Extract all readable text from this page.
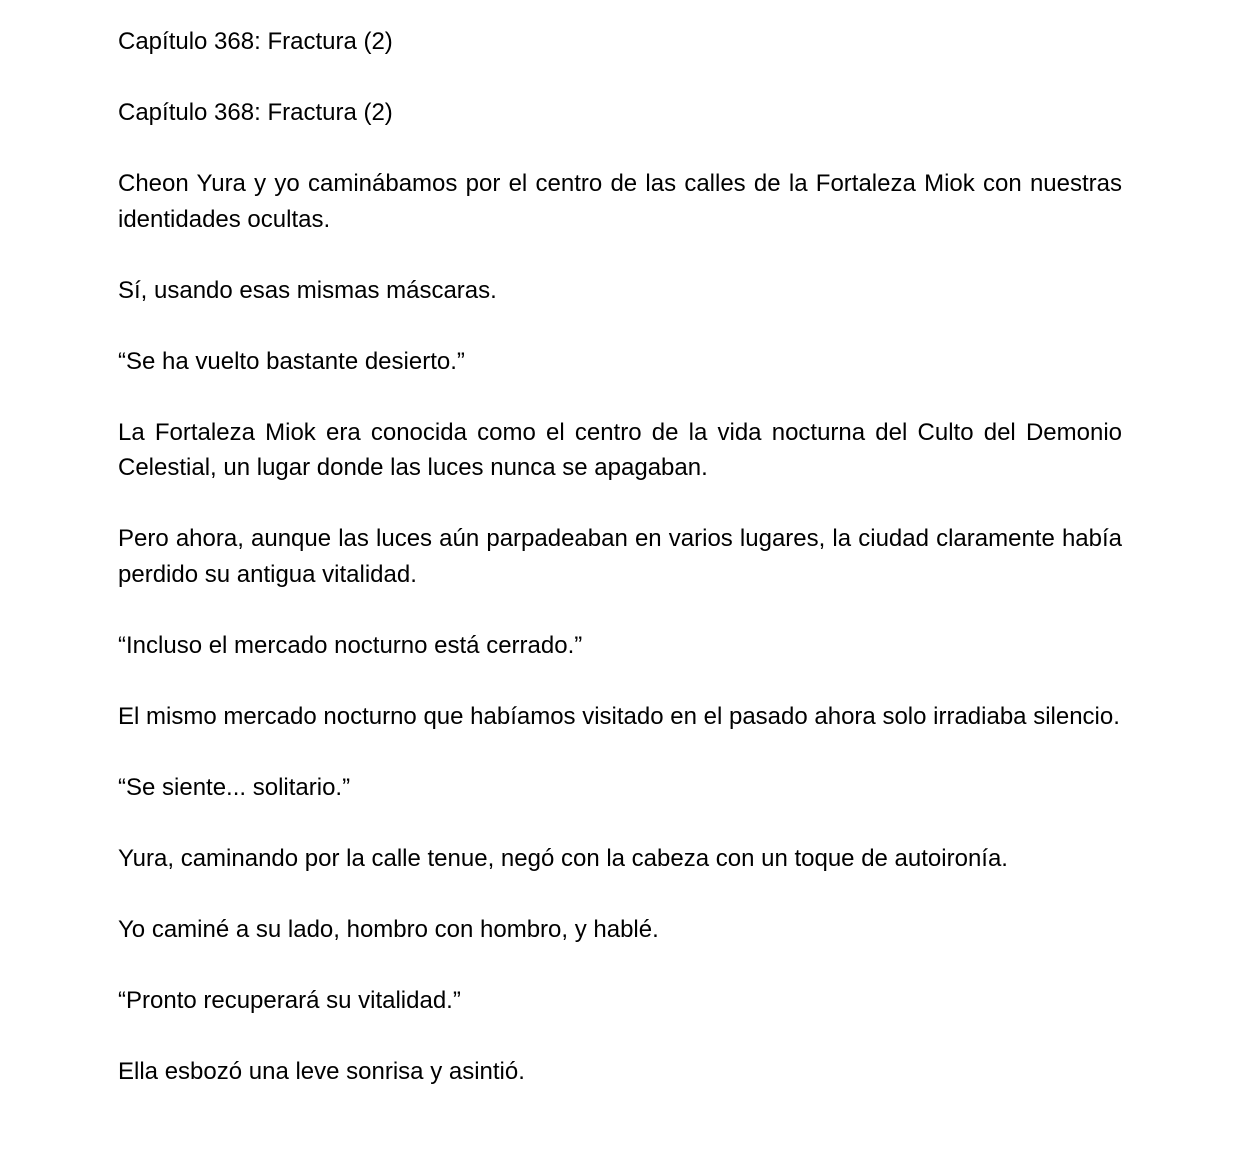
Capítulo 368: Fractura (2)

Capítulo 368: Fractura (2)

Cheon Yura y yo caminábamos por el centro de las calles de la Fortaleza Miok con nuestras identidades ocultas.

Sí, usando esas mismas máscaras.

“Se ha vuelto bastante desierto.”

La Fortaleza Miok era conocida como el centro de la vida nocturna del Culto del Demonio Celestial, un lugar donde las luces nunca se apagaban.

Pero ahora, aunque las luces aún parpadeaban en varios lugares, la ciudad claramente había perdido su antigua vitalidad.

“Incluso el mercado nocturno está cerrado.”

El mismo mercado nocturno que habíamos visitado en el pasado ahora solo irradiaba silencio.

“Se siente... solitario.”

Yura, caminando por la calle tenue, negó con la cabeza con un toque de autoironía.

Yo caminé a su lado, hombro con hombro, y hablé.

“Pronto recuperará su vitalidad.”

Ella esbozó una leve sonrisa y asintió.
